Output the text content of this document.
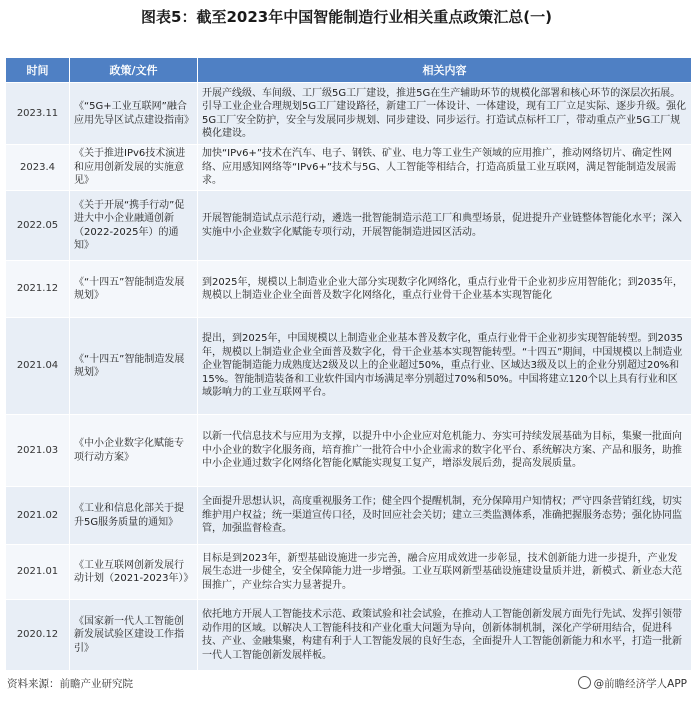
图表5：截至2023年中国智能制造行业相关重点政策汇总(一)
时间	政策/文件	相关内容
2023.11	《“5G+工业互联网”融合应用先导区试点建设指南》	开展产线级、车间级、工厂级5G工厂建设，推进5G在生产辅助环节的规模化部署和核心环节的深层次拓展。引导工业企业合理规划5G工厂建设路径，新建工厂一体设计、一体建设，现有工厂立足实际、逐步升级。强化5G工厂安全防护，安全与发展同步规划、同步建设、同步运行。打造试点标杆工厂，带动重点产业5G工厂规模化建设。
2023.4	《关于推进IPv6技术演进和应用创新发展的实施意见》	加快“IPv6+”技术在汽车、电子、钢铁、矿业、电力等工业生产领域的应用推广，推动网络切片、确定性网络、应用感知网络等“IPv6+”技术与5G、人工智能等相结合，打造高质量工业互联网，满足智能制造发展需求。
2022.05	《关于开展“携手行动”促进大中小企业融通创新（2022-2025年）的通知》	开展智能制造试点示范行动，遴选一批智能制造示范工厂和典型场景，促进提升产业链整体智能化水平；深入实施中小企业数字化赋能专项行动，开展智能制造进园区活动。
2021.12	《“十四五”智能制造发展规划》	到2025年，规模以上制造业企业大部分实现数字化网络化，重点行业骨干企业初步应用智能化；到2035年，规模以上制造业企业全面普及数字化网络化，重点行业骨干企业基本实现智能化
2021.04	《“十四五”智能制造发展规划》	提出，到2025年，中国规模以上制造业企业基本普及数字化，重点行业骨干企业初步实现智能转型。到2035年，规模以上制造业企业全面普及数字化，骨干企业基本实现智能转型。“十四五”期间，中国规模以上制造业企业智能制造能力成熟度达2级及以上的企业超过50%，重点行业、区域达3级及以上的企业分别超过20%和15%。智能制造装备和工业软件国内市场满足率分别超过70%和50%。中国将建立120个以上具有行业和区域影响力的工业互联网平台。
2021.03	《中小企业数字化赋能专项行动方案》	以新一代信息技术与应用为支撑，以提升中小企业应对危机能力、夯实可持续发展基础为目标，集聚一批面向中小企业的数字化服务商，培育推广一批符合中小企业需求的数字化平台、系统解决方案、产品和服务，助推中小企业通过数字化网络化智能化赋能实现复工复产，增添发展后劲，提高发展质量。
2021.02	《工业和信息化部关于提升5G服务质量的通知》	全面提升思想认识，高度重视服务工作；健全四个提醒机制，充分保障用户知情权；严守四条营销红线，切实维护用户权益；统一渠道宣传口径，及时回应社会关切；建立三类监测体系，准确把握服务态势；强化协同监管，加强监督检查。
2021.01	《工业互联网创新发展行动计划（2021-2023年）》	目标是到2023年，新型基础设施进一步完善，融合应用成效进一步彰显，技术创新能力进一步提升，产业发展生态进一步健全，安全保障能力进一步增强。工业互联网新型基础设施建设量质并进，新模式、新业态大范围推广，产业综合实力显著提升。
2020.12	《国家新一代人工智能创新发展试验区建设工作指引》	依托地方开展人工智能技术示范、政策试验和社会试验，在推动人工智能创新发展方面先行先试、发挥引领带动作用的区域。以解决人工智能科技和产业化重大问题为导向，创新体制机制，深化产学研用结合，促进科技、产业、金融集聚，构建有利于人工智能发展的良好生态，全面提升人工智能创新能力和水平，打造一批新一代人工智能创新发展样板。
资料来源：前瞻产业研究院	@前瞻经济学人APP
